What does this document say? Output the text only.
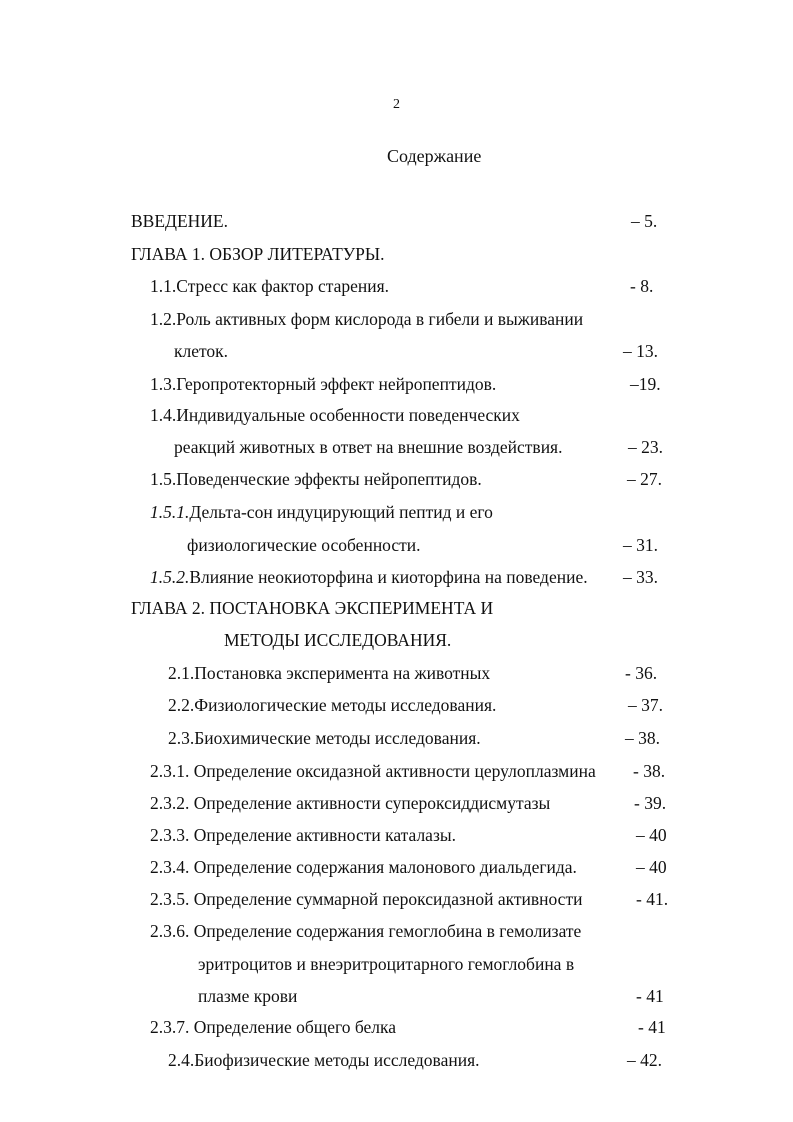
2
Содержание
ВВЕДЕНИЕ.	– 5.
ГЛАВА 1. ОБЗОР ЛИТЕРАТУРЫ.
1.1.Стресс как фактор старения.	- 8.
1.2.Роль активных форм кислорода в гибели и выживании
клеток.	– 13.
1.3.Геропротекторный эффект нейропептидов.	–19.
1.4.Индивидуальные особенности поведенческих
реакций животных в ответ на внешние воздействия.	– 23.
1.5.Поведенческие эффекты нейропептидов.	– 27.
1.5.1.Дельта-сон индуцирующий пептид и его
физиологические особенности.	– 31.
1.5.2.Влияние неокиоторфина и киоторфина на поведение. – 33.
ГЛАВА 2. ПОСТАНОВКА ЭКСПЕРИМЕНТА И
МЕТОДЫ ИССЛЕДОВАНИЯ.
2.1.Постановка эксперимента на животных	- 36.
2.2.Физиологические методы исследования.	– 37.
2.3.Биохимические методы исследования.	– 38.
2.3.1. Определение оксидазной активности церулоплазмина - 38.
2.3.2. Определение активности супероксиддисмутазы	- 39.
2.3.3. Определение активности каталазы.	– 40
2.3.4. Определение содержания малонового диальдегида.	– 40
2.3.5. Определение суммарной пероксидазной активности	- 41.
2.3.6. Определение содержания гемоглобина в гемолизате
эритроцитов и внеэритроцитарного гемоглобина в
плазме крови	- 41
2.3.7. Определение общего белка	- 41
2.4.Биофизические методы исследования.	– 42.
